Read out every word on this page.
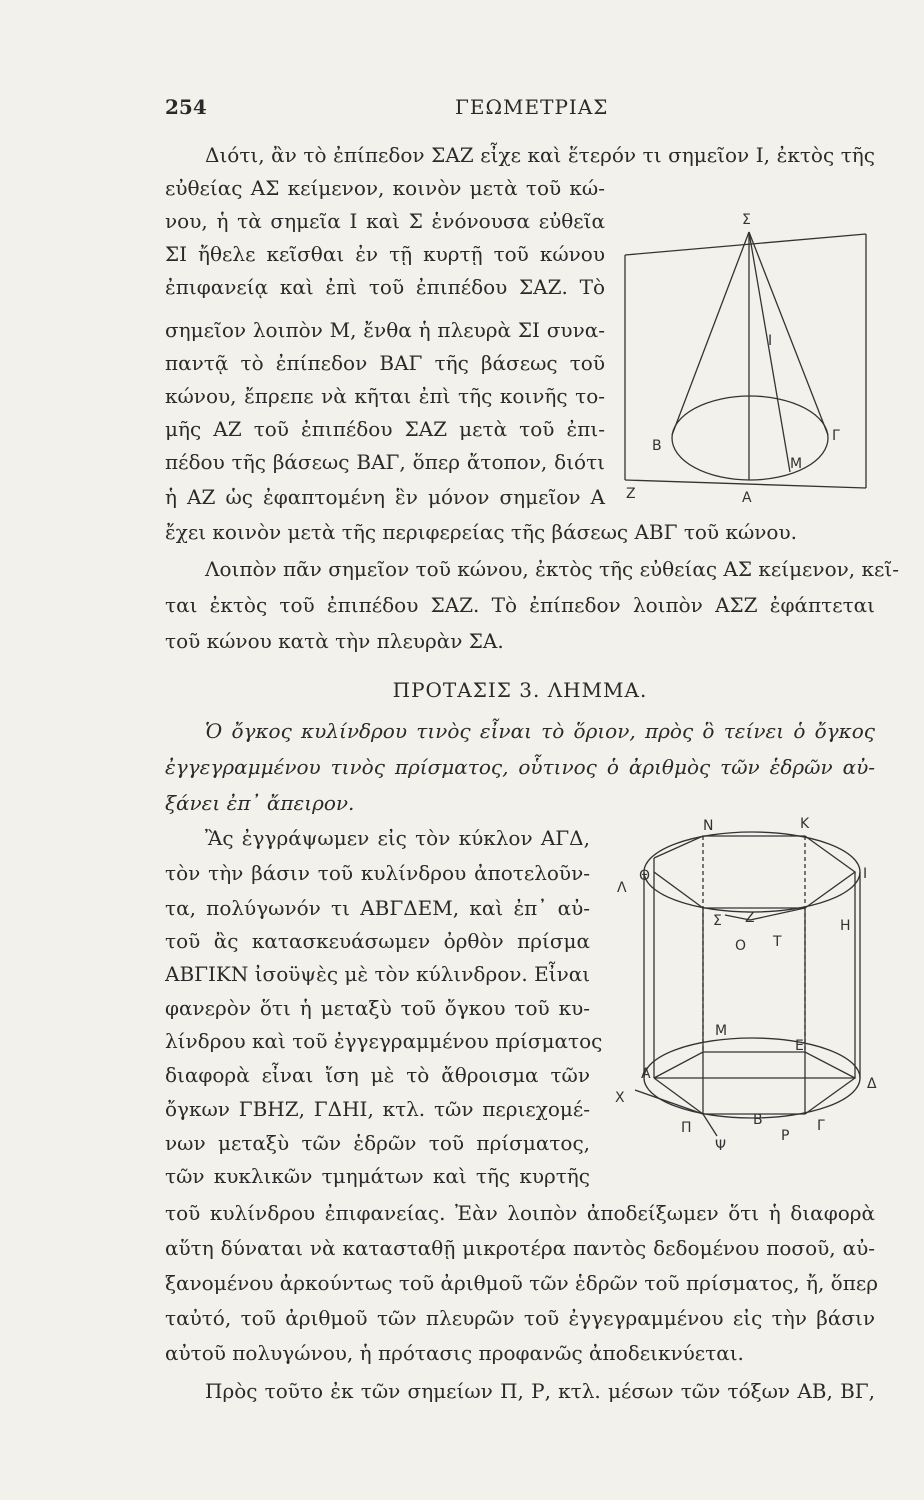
254	ΓΕΩΜΕΤΡΙΑΣ
Διότι, ἂν τὸ ἐπίπεδον ΣΑΖ εἶχε καὶ ἕτερόν τι σημεῖον Ι, ἐκτὸς τῆς
εὐθείας ΑΣ κείμενον, κοινὸν μετὰ τοῦ κώ-
νου, ἡ τὰ σημεῖα Ι καὶ Σ ἑνόνουσα εὐθεῖα
ΣΙ ἤθελε κεῖσθαι ἐν τῇ κυρτῇ τοῦ κώνου
ἐπιφανείᾳ καὶ ἐπὶ τοῦ ἐπιπέδου ΣΑΖ. Τὸ
σημεῖον λοιπὸν Μ, ἔνθα ἡ πλευρὰ ΣΙ συνα-
παντᾷ τὸ ἐπίπεδον ΒΑΓ τῆς βάσεως τοῦ
κώνου, ἔπρεπε νὰ κῆται ἐπὶ τῆς κοινῆς το-
μῆς ΑΖ τοῦ ἐπιπέδου ΣΑΖ μετὰ τοῦ ἐπι-
πέδου τῆς βάσεως ΒΑΓ, ὅπερ ἄτοπον, διότι
ἡ ΑΖ ὡς ἐφαπτομένη ἓν μόνον σημεῖον Α
ἔχει κοινὸν μετὰ τῆς περιφερείας τῆς βάσεως ΑΒΓ τοῦ κώνου.
Λοιπὸν πᾶν σημεῖον τοῦ κώνου, ἐκτὸς τῆς εὐθείας ΑΣ κείμενον, κεῖ-
ται ἐκτὸς τοῦ ἐπιπέδου ΣΑΖ. Τὸ ἐπίπεδον λοιπὸν ΑΣΖ ἐφάπτεται
τοῦ κώνου κατὰ τὴν πλευρὰν ΣΑ.
ΠΡΟΤΑΣΙΣ 3. ΛΗΜΜΑ.
Ὁ ὄγκος κυλίνδρου τινὸς εἶναι τὸ ὅριον, πρὸς ὃ τείνει ὁ ὄγκος
ἐγγεγραμμένου τινὸς πρίσματος, οὗτινος ὁ ἀριθμὸς τῶν ἑδρῶν αὐ-
ξάνει ἐπ᾽ ἄπειρον.
Ἂς ἐγγράψωμεν εἰς τὸν κύκλον ΑΓΔ,
τὸν τὴν βάσιν τοῦ κυλίνδρου ἀποτελοῦν-
τα, πολύγωνόν τι ΑΒΓΔΕΜ, καὶ ἐπ᾽ αὐ-
τοῦ ἂς κατασκευάσωμεν ὀρθὸν πρίσμα
ΑΒΓΙΚΝ ἰσοϋψὲς μὲ τὸν κύλινδρον. Εἶναι
φανερὸν ὅτι ἡ μεταξὺ τοῦ ὄγκου τοῦ κυ-
λίνδρου καὶ τοῦ ἐγγεγραμμένου πρίσματος
διαφορὰ εἶναι ἴση μὲ τὸ ἄθροισμα τῶν
ὄγκων ΓΒΗΖ, ΓΔΗΙ, κτλ. τῶν περιεχομέ-
νων μεταξὺ τῶν ἑδρῶν τοῦ πρίσματος,
τῶν κυκλικῶν τμημάτων καὶ τῆς κυρτῆς
τοῦ κυλίνδρου ἐπιφανείας. Ἐὰν λοιπὸν ἀποδείξωμεν ὅτι ἡ διαφορὰ
αὕτη δύναται νὰ κατασταθῇ μικροτέρα παντὸς δεδομένου ποσοῦ, αὐ-
ξανομένου ἀρκούντως τοῦ ἀριθμοῦ τῶν ἑδρῶν τοῦ πρίσματος, ἤ, ὅπερ
ταὐτό, τοῦ ἀριθμοῦ τῶν πλευρῶν τοῦ ἐγγεγραμμένου εἰς τὴν βάσιν
αὐτοῦ πολυγώνου, ἡ πρότασις προφανῶς ἀποδεικνύεται.
Πρὸς τοῦτο ἐκ τῶν σημείων Π, Ρ, κτλ. μέσων τῶν τόξων ΑΒ, ΒΓ,
Σ
Ι
Β
Γ
Μ
Ζ	Α
Ν	Κ
Θ	Ι
Λ
Σ Ζ
Ο Τ
Η
Μ
Ε
Α
Δ
Χ
Β
Π	Ρ
Γ
Ψ
